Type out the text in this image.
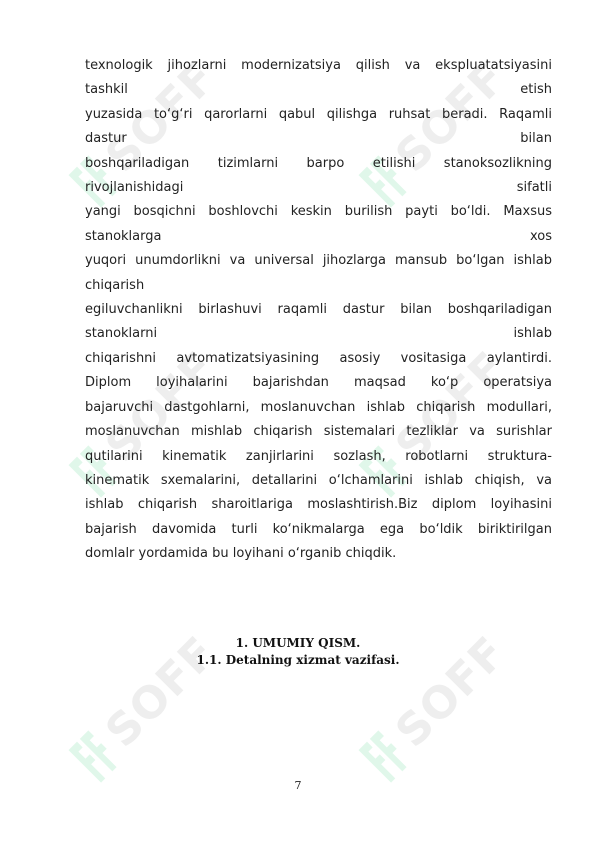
SOFF	SOFF
SOFF	SOFF
SOFF	SOFF
texnologik jihozlarni modernizatsiya qilish va ekspluatatsiyasini
tashkil etish
yuzasida to‘g‘ri qarorlarni qabul qilishga ruhsat beradi. Raqamli
dastur bilan
boshqariladigan tizimlarni barpo etilishi stanoksozlikning
rivojlanishidagi sifatli
yangi bosqichni boshlovchi keskin burilish payti bo‘ldi. Maxsus
stanoklarga xos
yuqori unumdorlikni va universal jihozlarga mansub bo‘lgan ishlab
chiqarish
egiluvchanlikni birlashuvi raqamli dastur bilan boshqariladigan
stanoklarni ishlab
chiqarishni avtomatizatsiyasining asosiy vositasiga aylantirdi.
Diplom loyihalarini bajarishdan maqsad ko‘p operatsiya
bajaruvchi dastgohlarni, moslanuvchan ishlab chiqarish modullari,
moslanuvchan mishlab chiqarish sistemalari tezliklar va surishlar
qutilarini kinematik zanjirlarini sozlash, robotlarni struktura-
kinematik sxemalarini, detallarini o‘lchamlarini ishlab chiqish, va
ishlab chiqarish sharoitlariga moslashtirish.Biz diplom loyihasini
bajarish davomida turli ko‘nikmalarga ega bo‘ldik biriktirilgan
domlalr yordamida bu loyihani o‘rganib chiqdik.
1. UMUMIY QISM.
1.1. Detalning xizmat vazifasi.
7
